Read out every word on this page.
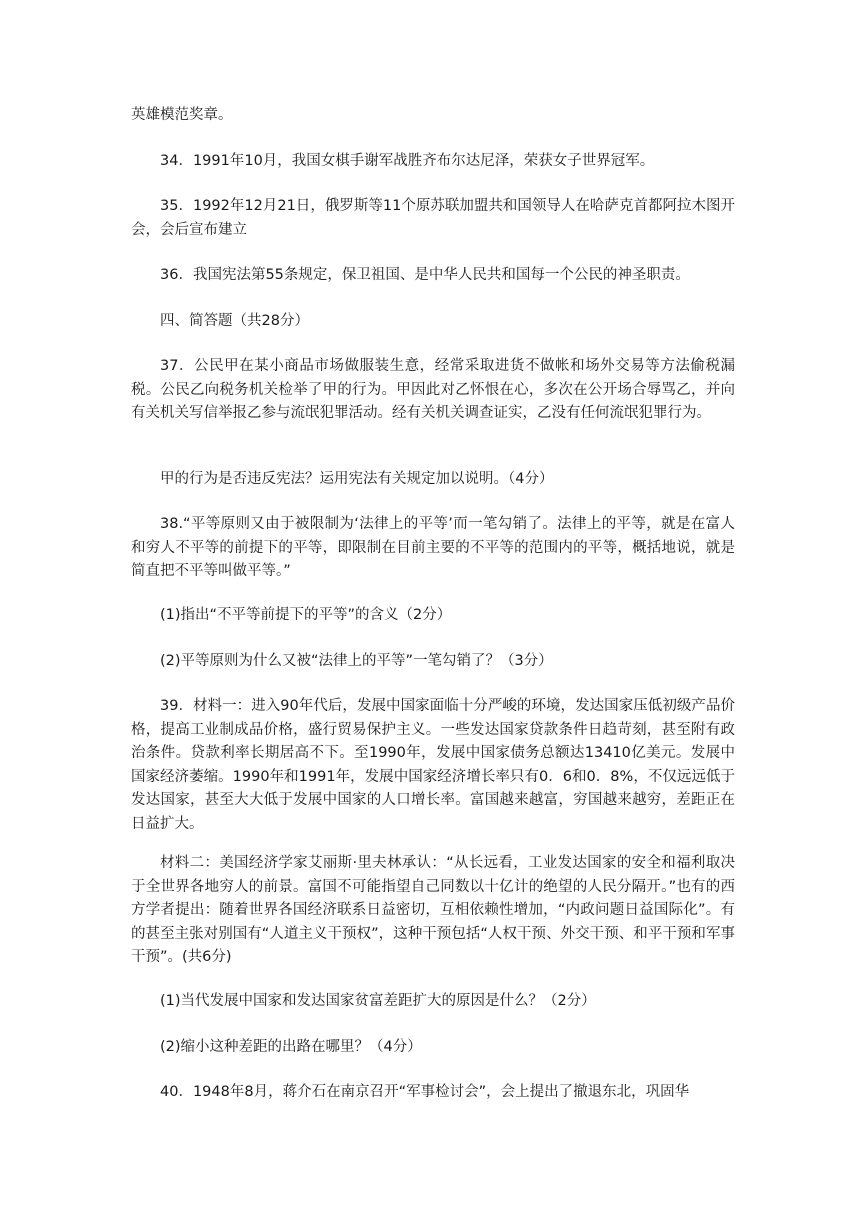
英雄模范奖章。

34．1991年10月，我国女棋手谢军战胜齐布尔达尼泽，荣获女子世界冠军。

35．1992年12月21日，俄罗斯等11个原苏联加盟共和国领导人在哈萨克首都阿拉木图开会，会后宣布建立

36．我国宪法第55条规定，保卫祖国、是中华人民共和国每一个公民的神圣职责。

四、简答题（共28分）

37．公民甲在某小商品市场做服装生意，经常采取进货不做帐和场外交易等方法偷税漏税。公民乙向税务机关检举了甲的行为。甲因此对乙怀恨在心，多次在公开场合辱骂乙，并向有关机关写信举报乙参与流氓犯罪活动。经有关机关调查证实，乙没有任何流氓犯罪行为。

甲的行为是否违反宪法？运用宪法有关规定加以说明。（4分）

38.“平等原则又由于被限制为‘法律上的平等’而一笔勾销了。法律上的平等，就是在富人和穷人不平等的前提下的平等，即限制在目前主要的不平等的范围内的平等，概括地说，就是简直把不平等叫做平等。”

(1)指出“不平等前提下的平等”的含义（2分）

(2)平等原则为什么又被“法律上的平等”一笔勾销了？（3分）

39．材料一：进入90年代后，发展中国家面临十分严峻的环境，发达国家压低初级产品价格，提高工业制成品价格，盛行贸易保护主义。一些发达国家贷款条件日趋苛刻，甚至附有政治条件。贷款利率长期居高不下。至1990年，发展中国家债务总额达13410亿美元。发展中国家经济萎缩。1990年和1991年，发展中国家经济增长率只有0．6和0．8%，不仅远远低于发达国家，甚至大大低于发展中国家的人口增长率。富国越来越富，穷国越来越穷，差距正在日益扩大。

材料二：美国经济学家艾丽斯·里夫林承认：“从长远看，工业发达国家的安全和福利取决于全世界各地穷人的前景。富国不可能指望自己同数以十亿计的绝望的人民分隔开。”也有的西方学者提出：随着世界各国经济联系日益密切，互相依赖性增加，“内政问题日益国际化”。有的甚至主张对别国有“人道主义干预权”，这种干预包括“人权干预、外交干预、和平干预和军事干预”。(共6分)

(1)当代发展中国家和发达国家贫富差距扩大的原因是什么？（2分）

(2)缩小这种差距的出路在哪里？（4分）

40．1948年8月，蒋介石在南京召开“军事检讨会”，会上提出了撤退东北，巩固华
